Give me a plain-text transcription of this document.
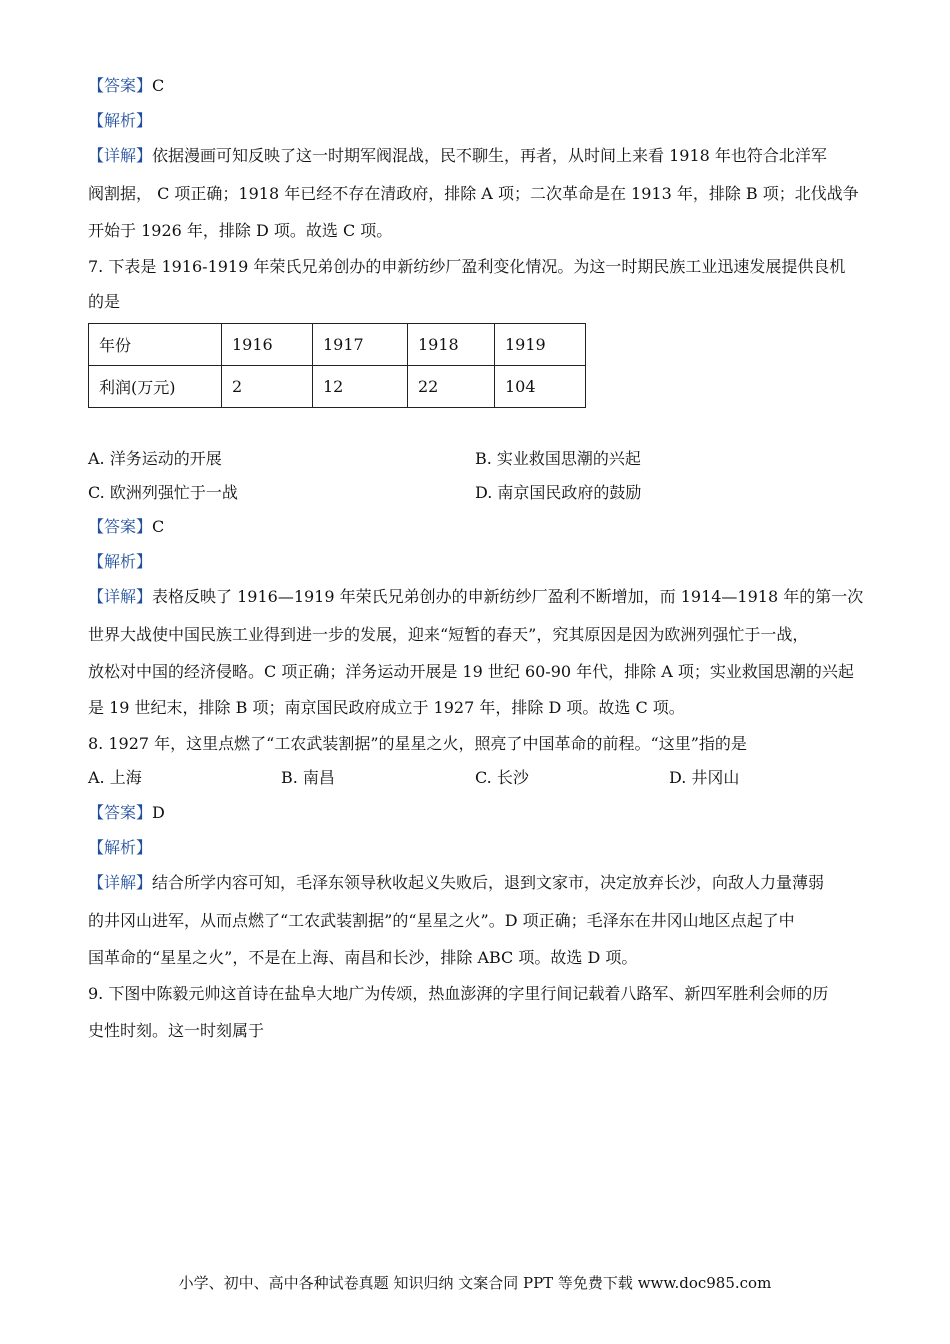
【答案】C
【解析】
【详解】依据漫画可知反映了这一时期军阀混战，民不聊生，再者，从时间上来看 1918 年也符合北洋军
阀割据， C 项正确；1918 年已经不存在清政府，排除 A 项；二次革命是在 1913 年，排除 B 项；北伐战争
开始于 1926 年，排除 D 项。故选 C 项。
7. 下表是 1916-1919 年荣氏兄弟创办的申新纺纱厂盈利变化情况。为这一时期民族工业迅速发展提供良机
的是
年份	1916	1917	1918	1919
利润(万元)	2	12	22	104
A. 洋务运动的开展	B. 实业救国思潮的兴起
C. 欧洲列强忙于一战	D. 南京国民政府的鼓励
【答案】C
【解析】
【详解】表格反映了 1916—1919 年荣氏兄弟创办的申新纺纱厂盈利不断增加，而 1914—1918 年的第一次
世界大战使中国民族工业得到进一步的发展，迎来“短暂的春天”，究其原因是因为欧洲列强忙于一战，
放松对中国的经济侵略。C 项正确；洋务运动开展是 19 世纪 60-90 年代，排除 A 项；实业救国思潮的兴起
是 19 世纪末，排除 B 项；南京国民政府成立于 1927 年，排除 D 项。故选 C 项。
8. 1927 年，这里点燃了“工农武装割据”的星星之火，照亮了中国革命的前程。“这里”指的是
A. 上海	B. 南昌	C. 长沙	D. 井冈山
【答案】D
【解析】
【详解】结合所学内容可知，毛泽东领导秋收起义失败后，退到文家市，决定放弃长沙，向敌人力量薄弱
的井冈山进军，从而点燃了“工农武装割据”的“星星之火”。D 项正确；毛泽东在井冈山地区点起了中
国革命的“星星之火”，不是在上海、南昌和长沙，排除 ABC 项。故选 D 项。
9. 下图中陈毅元帅这首诗在盐阜大地广为传颂，热血澎湃的字里行间记载着八路军、新四军胜利会师的历
史性时刻。这一时刻属于
小学、初中、高中各种试卷真题 知识归纳 文案合同 PPT 等免费下载 www.doc985.com
